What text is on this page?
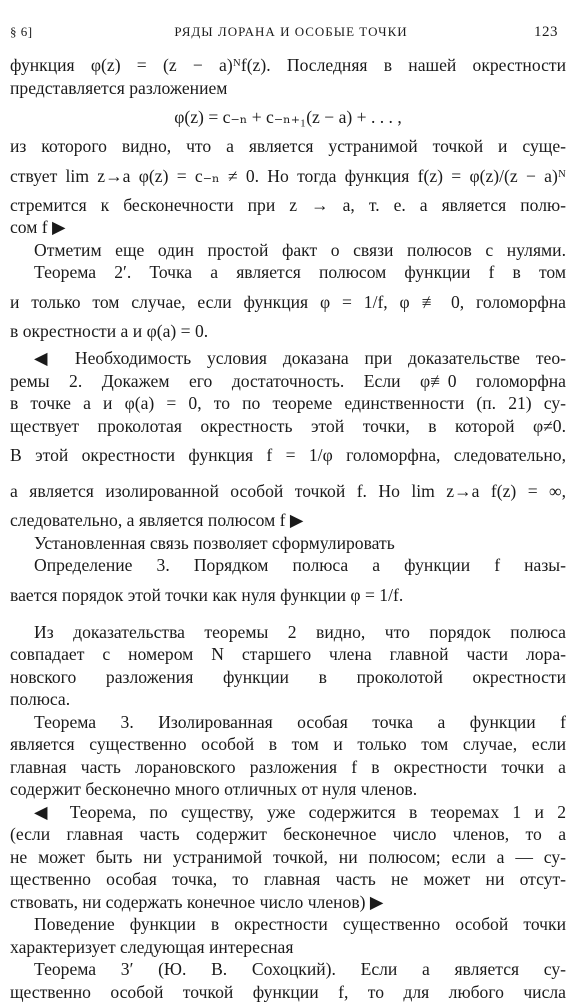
§ 6]	РЯДЫ ЛОРАНА И ОСОБЫЕ ТОЧКИ	123
функция φ(z) = (z − a)ᴺf(z). Последняя в нашей окрестности
представляется разложением
φ(z) = c₋ₙ + c₋ₙ₊₁(z − a) + . . . ,
из которого видно, что a является устранимой точкой и суще-
ствует lim z→a φ(z) = c₋ₙ ≠ 0. Но тогда функция f(z) = φ(z)/(z − a)ᴺ
стремится к бесконечности при z → a, т. е. a является полю-
сом f ▶
Отметим еще один простой факт о связи полюсов с нулями.
Теорема 2′. Точка a является полюсом функции f в том
и только том случае, если функция φ = 1/f, φ ≢ 0, голоморфна
в окрестности a и φ(a) = 0.
◀ Необходимость условия доказана при доказательстве тео-
ремы 2. Докажем его достаточность. Если φ≢0 голоморфна
в точке a и φ(a) = 0, то по теореме единственности (п. 21) су-
ществует проколотая окрестность этой точки, в которой φ≠0.
В этой окрестности функция f = 1/φ голоморфна, следовательно,
a является изолированной особой точкой f. Но lim z→a f(z) = ∞,
следовательно, a является полюсом f ▶
Установленная связь позволяет сформулировать
Определение 3. Порядком полюса a функции f назы-
вается порядок этой точки как нуля функции φ = 1/f.
Из доказательства теоремы 2 видно, что порядок полюса
совпадает с номером N старшего члена главной части лора-
новского разложения функции в проколотой окрестности
полюса.
Теорема 3. Изолированная особая точка a функции f
является существенно особой в том и только том случае, если
главная часть лорановского разложения f в окрестности точки a
содержит бесконечно много отличных от нуля членов.
◀ Теорема, по существу, уже содержится в теоремах 1 и 2
(если главная часть содержит бесконечное число членов, то a
не может быть ни устранимой точкой, ни полюсом; если a — су-
щественно особая точка, то главная часть не может ни отсут-
ствовать, ни содержать конечное число членов) ▶
Поведение функции в окрестности существенно особой точки
характеризует следующая интересная
Теорема 3′ (Ю. В. Сохоцкий). Если a является су-
щественно особой точкой функции f, то для любого числа
